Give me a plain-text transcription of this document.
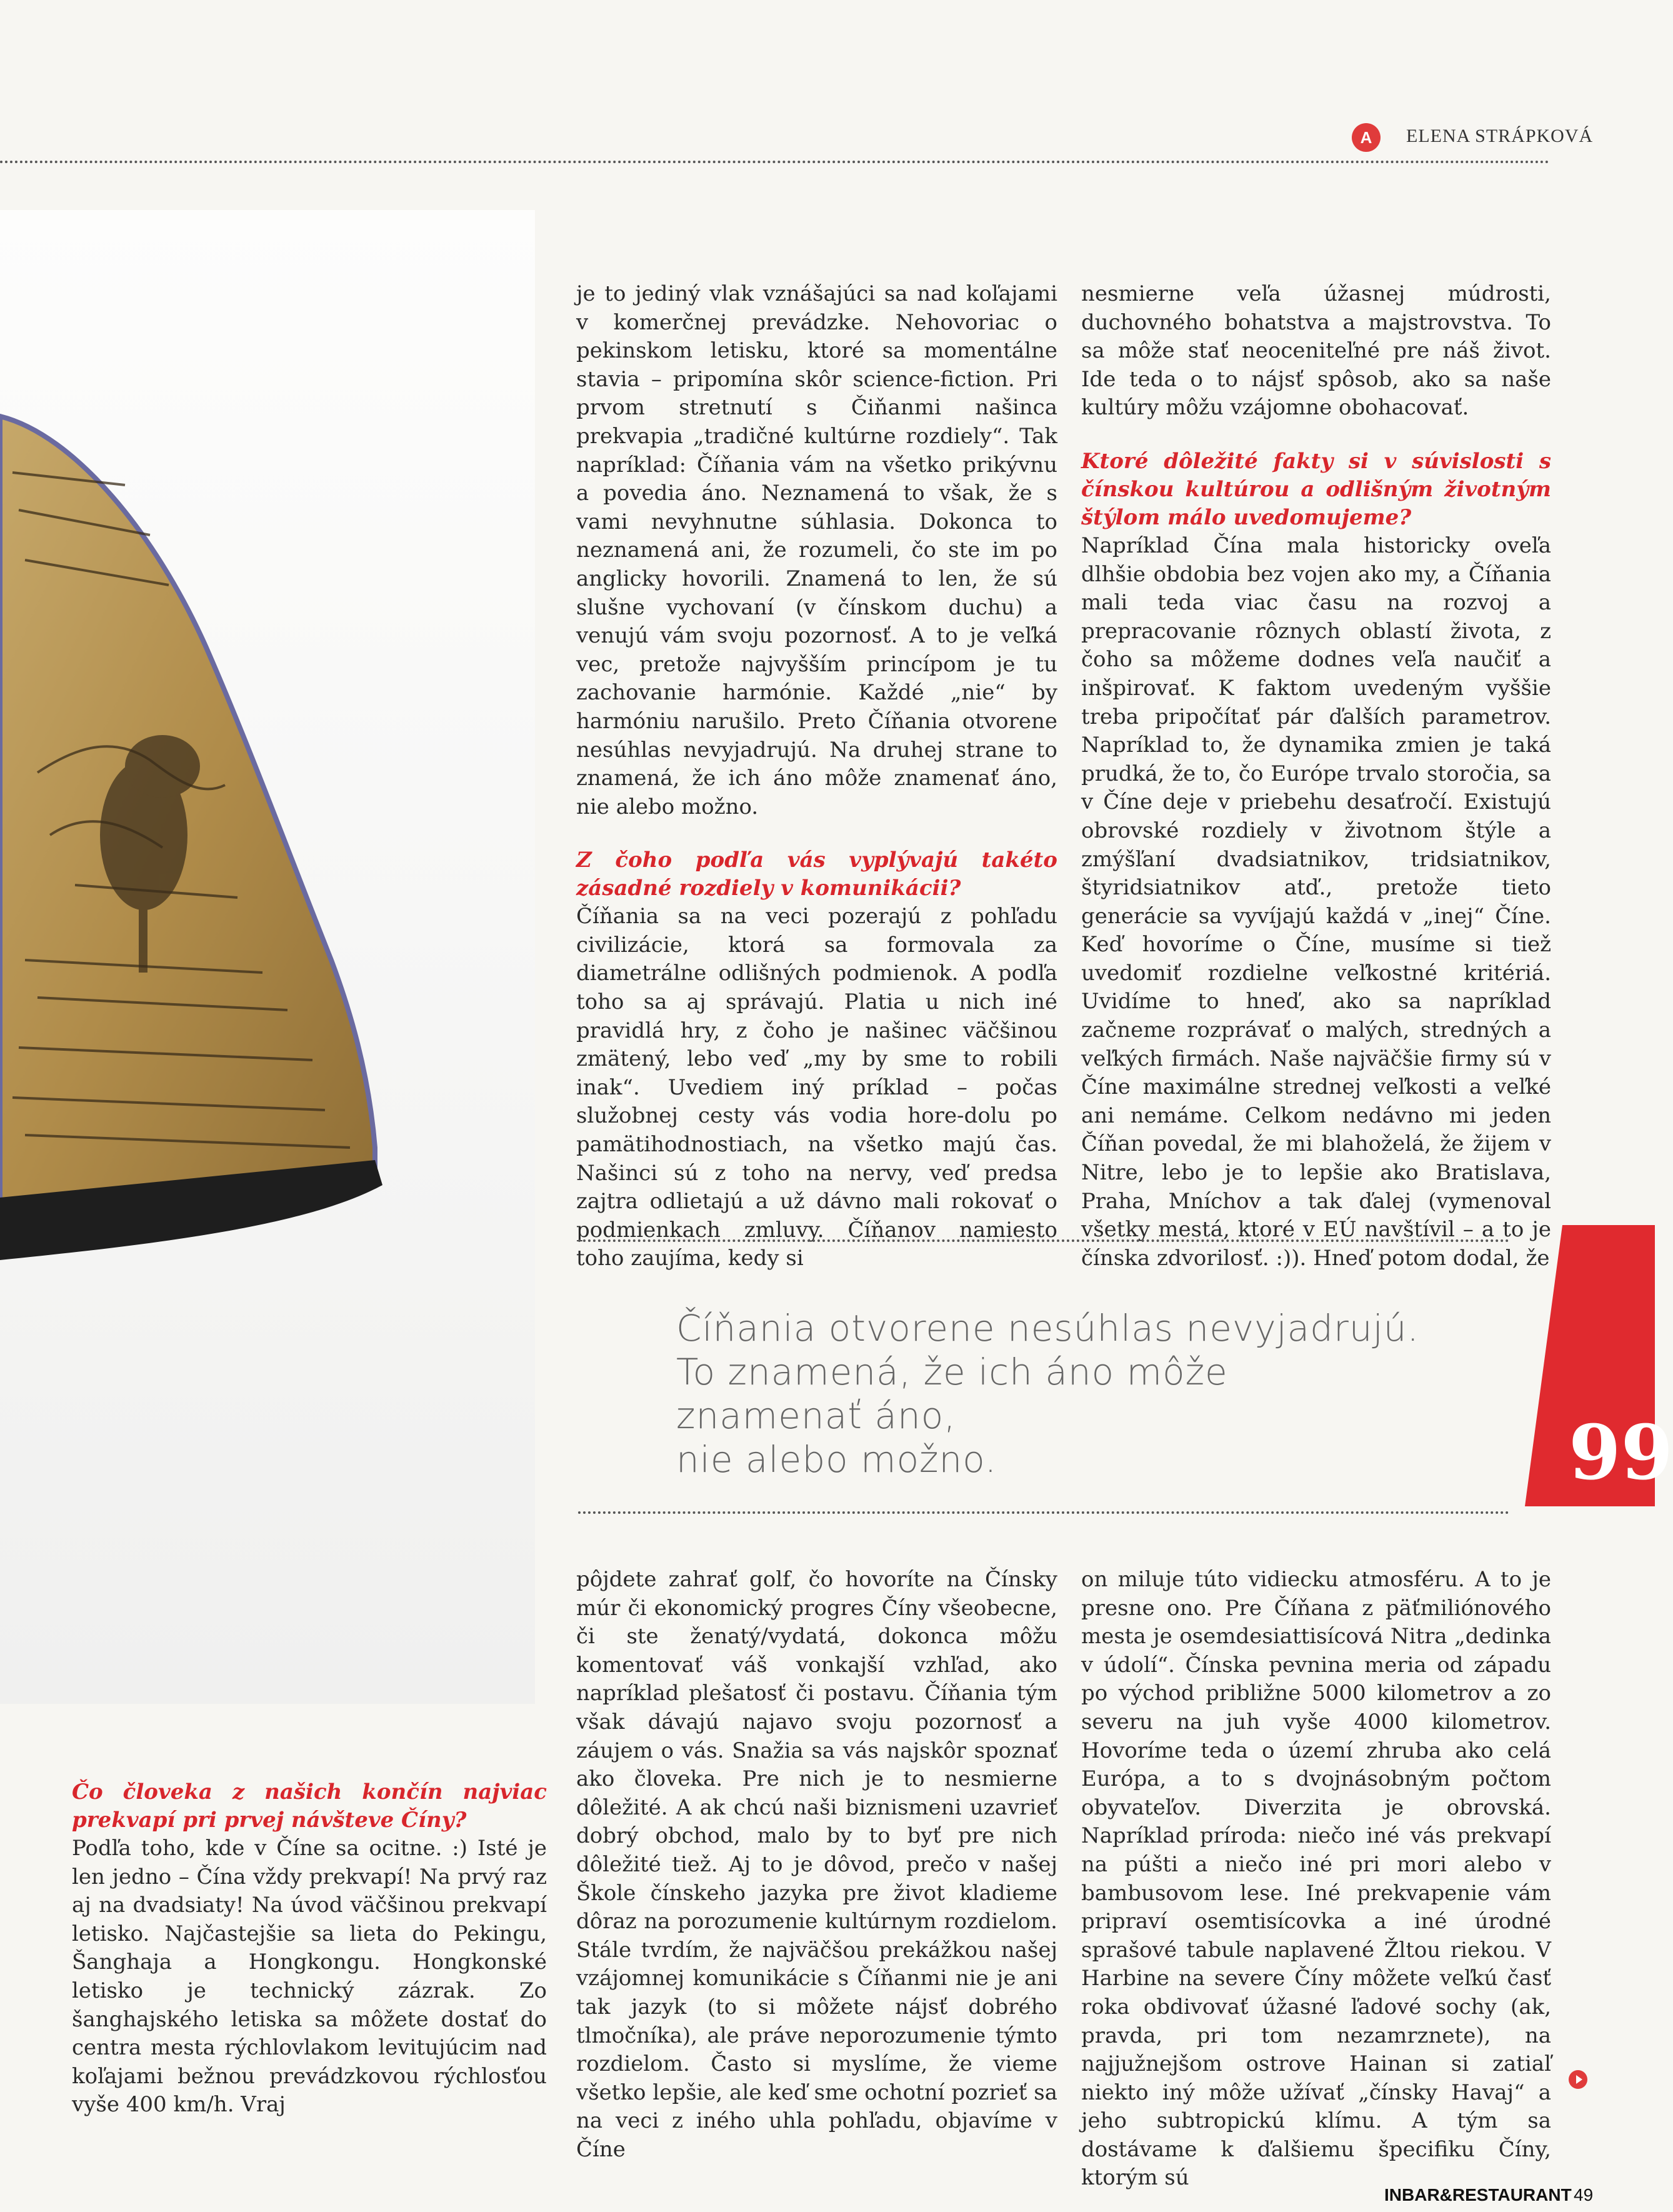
A	ELENA STRÁPKOVÁ

je to jediný vlak vznášajúci sa nad koľajami v komerčnej prevádzke. Nehovoriac o pekinskom letisku, ktoré sa momentálne stavia – pripomína skôr science-fiction. Pri prvom stretnutí s Čiňanmi našinca prekvapia „tradičné kultúrne rozdiely“. Tak napríklad: Číňania vám na všetko prikývnu a povedia áno. Neznamená to však, že s vami nevyhnutne súhlasia. Dokonca to neznamená ani, že rozumeli, čo ste im po anglicky hovorili. Znamená to len, že sú slušne vychovaní (v čínskom duchu) a venujú vám svoju pozornosť. A to je veľká vec, pretože najvyšším princípom je tu zachovanie harmónie. Každé „nie“ by harmóniu narušilo. Preto Číňania otvorene nesúhlas nevyjadrujú. Na druhej strane to znamená, že ich áno môže znamenať áno, nie alebo možno.

Z čoho podľa vás vyplývajú takéto zásadné rozdiely v komunikácii?

Číňania sa na veci pozerajú z pohľadu civilizácie, ktorá sa formovala za diametrálne odlišných podmienok. A podľa toho sa aj správajú. Platia u nich iné pravidlá hry, z čoho je našinec väčšinou zmätený, lebo veď „my by sme to robili inak“. Uvediem iný príklad – počas služobnej cesty vás vodia hore-dolu po pamätihodnostiach, na všetko majú čas. Našinci sú z toho na nervy, veď predsa zajtra odlietajú a už dávno mali rokovať o podmienkach zmluvy. Číňanov namiesto toho zaujíma, kedy si

nesmierne veľa úžasnej múdrosti, duchovného bohatstva a majstrovstva. To sa môže stať neoceniteľné pre náš život. Ide teda o to nájsť spôsob, ako sa naše kultúry môžu vzájomne obohacovať.

Ktoré dôležité fakty si v súvislosti s čínskou kultúrou a odlišným životným štýlom málo uvedomujeme?

Napríklad Čína mala historicky oveľa dlhšie obdobia bez vojen ako my, a Číňania mali teda viac času na rozvoj a prepracovanie rôznych oblastí života, z čoho sa môžeme dodnes veľa naučiť a inšpirovať. K faktom uvedeným vyššie treba pripočítať pár ďalších parametrov. Napríklad to, že dynamika zmien je taká prudká, že to, čo Európe trvalo storočia, sa v Číne deje v priebehu desaťročí. Existujú obrovské rozdiely v životnom štýle a zmýšľaní dvadsiatnikov, tridsiatnikov, štyridsiatnikov atď., pretože tieto generácie sa vyvíjajú každá v „inej“ Číne. Keď hovoríme o Číne, musíme si tiež uvedomiť rozdielne veľkostné kritériá. Uvidíme to hneď, ako sa napríklad začneme rozprávať o malých, stredných a veľkých firmách. Naše najväčšie firmy sú v Číne maximálne strednej veľkosti a veľké ani nemáme. Celkom nedávno mi jeden Číňan povedal, že mi blahoželá, že žijem v Nitre, lebo je to lepšie ako Bratislava, Praha, Mníchov a tak ďalej (vymenoval všetky mestá, ktoré v EÚ navštívil – a to je čínska zdvorilosť. :)). Hneď potom dodal, že

Číňania otvorene nesúhlas nevyjadrujú.
To znamená, že ich áno môže znamenať áno,
nie alebo možno.	99

Čo človeka z našich končín najviac prekvapí pri prvej návšteve Číny?

Podľa toho, kde v Číne sa ocitne. :) Isté je len jedno – Čína vždy prekvapí! Na prvý raz aj na dvadsiaty! Na úvod väčšinou prekvapí letisko. Najčastejšie sa lieta do Pekingu, Šanghaja a Hongkongu. Hongkonské letisko je technický zázrak. Zo šanghajského letiska sa môžete dostať do centra mesta rýchlovlakom levitujúcim nad koľajami bežnou prevádzkovou rýchlosťou vyše 400 km/h. Vraj

pôjdete zahrať golf, čo hovoríte na Čínsky múr či ekonomický progres Číny všeobecne, či ste ženatý/vydatá, dokonca môžu komentovať váš vonkajší vzhľad, ako napríklad plešatosť či postavu. Číňania tým však dávajú najavo svoju pozornosť a záujem o vás. Snažia sa vás najskôr spoznať ako človeka. Pre nich je to nesmierne dôležité. A ak chcú naši biznismeni uzavrieť dobrý obchod, malo by to byť pre nich dôležité tiež. Aj to je dôvod, prečo v našej Škole čínskeho jazyka pre život kladieme dôraz na porozumenie kultúrnym rozdielom. Stále tvrdím, že najväčšou prekážkou našej vzájomnej komunikácie s Číňanmi nie je ani tak jazyk (to si môžete nájsť dobrého tlmočníka), ale práve neporozumenie týmto rozdielom. Často si myslíme, že vieme všetko lepšie, ale keď sme ochotní pozrieť sa na veci z iného uhla pohľadu, objavíme v Číne

on miluje túto vidiecku atmosféru. A to je presne ono. Pre Číňana z päťmiliónového mesta je osemdesiattisícová Nitra „dedinka v údolí“. Čínska pevnina meria od západu po východ približne 5000 kilometrov a zo severu na juh vyše 4000 kilometrov. Hovoríme teda o území zhruba ako celá Európa, a to s dvojnásobným počtom obyvateľov. Diverzita je obrovská. Napríklad príroda: niečo iné vás prekvapí na púšti a niečo iné pri mori alebo v bambusovom lese. Iné prekvapenie vám pripraví osemtisícovka a iné úrodné sprašové tabule naplavené Žltou riekou. V Harbine na severe Číny môžete veľkú časť roka obdivovať úžasné ľadové sochy (ak, pravda, pri tom nezamrznete), na najjužnejšom ostrove Hainan si zatiaľ niekto iný môže užívať „čínsky Havaj“ a jeho subtropickú klímu. A tým sa dostávame k ďalšiemu špecifiku Číny, ktorým sú

INBAR&RESTAURANT 49
